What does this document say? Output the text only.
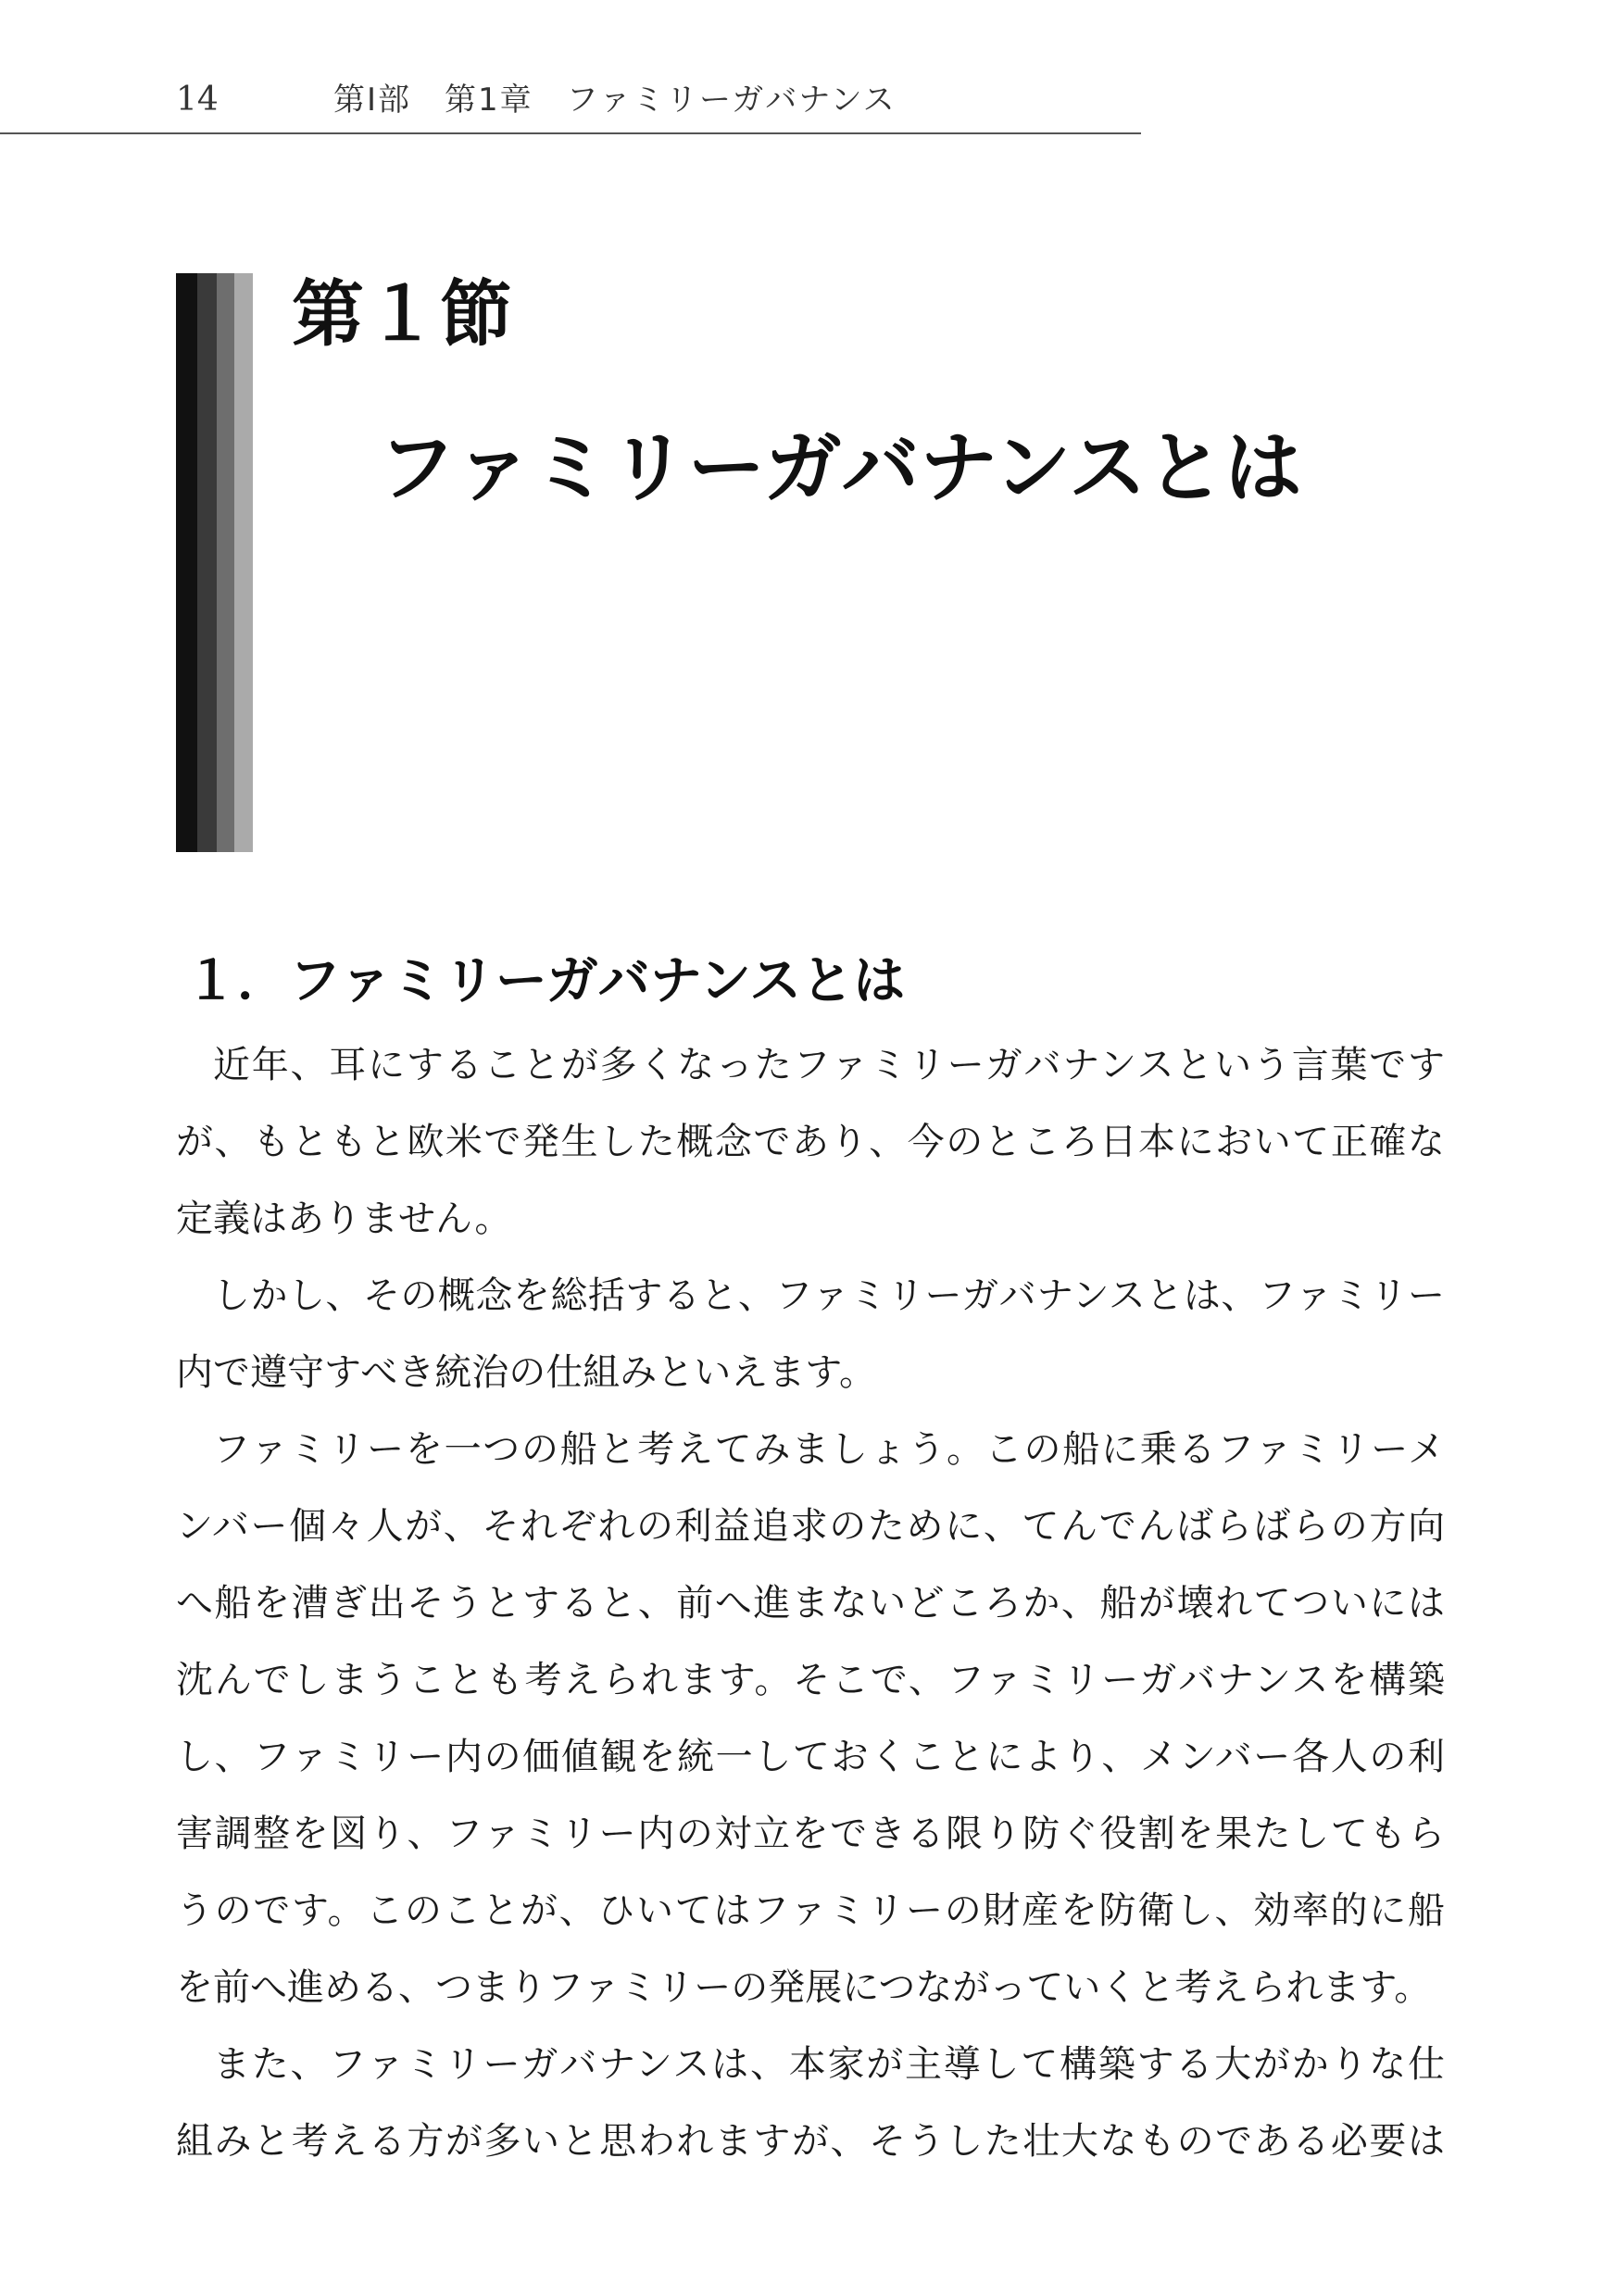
14	第Ⅰ部　第1章　ファミリーガバナンス
第１節
ファミリーガバナンスとは
１．ファミリーガバナンスとは
近年、耳にすることが多くなったファミリーガバナンスという言葉です
が、もともと欧米で発生した概念であり、今のところ日本において正確な
定義はありません。
しかし、その概念を総括すると、ファミリーガバナンスとは、ファミリー
内で遵守すべき統治の仕組みといえます。
ファミリーを一つの船と考えてみましょう。この船に乗るファミリーメ
ンバー個々人が、それぞれの利益追求のために、てんでんばらばらの方向
へ船を漕ぎ出そうとすると、前へ進まないどころか、船が壊れてついには
沈んでしまうことも考えられます。そこで、ファミリーガバナンスを構築
し、ファミリー内の価値観を統一しておくことにより、メンバー各人の利
害調整を図り、ファミリー内の対立をできる限り防ぐ役割を果たしてもら
うのです。このことが、ひいてはファミリーの財産を防衛し、効率的に船
を前へ進める、つまりファミリーの発展につながっていくと考えられます。
また、ファミリーガバナンスは、本家が主導して構築する大がかりな仕
組みと考える方が多いと思われますが、そうした壮大なものである必要は
